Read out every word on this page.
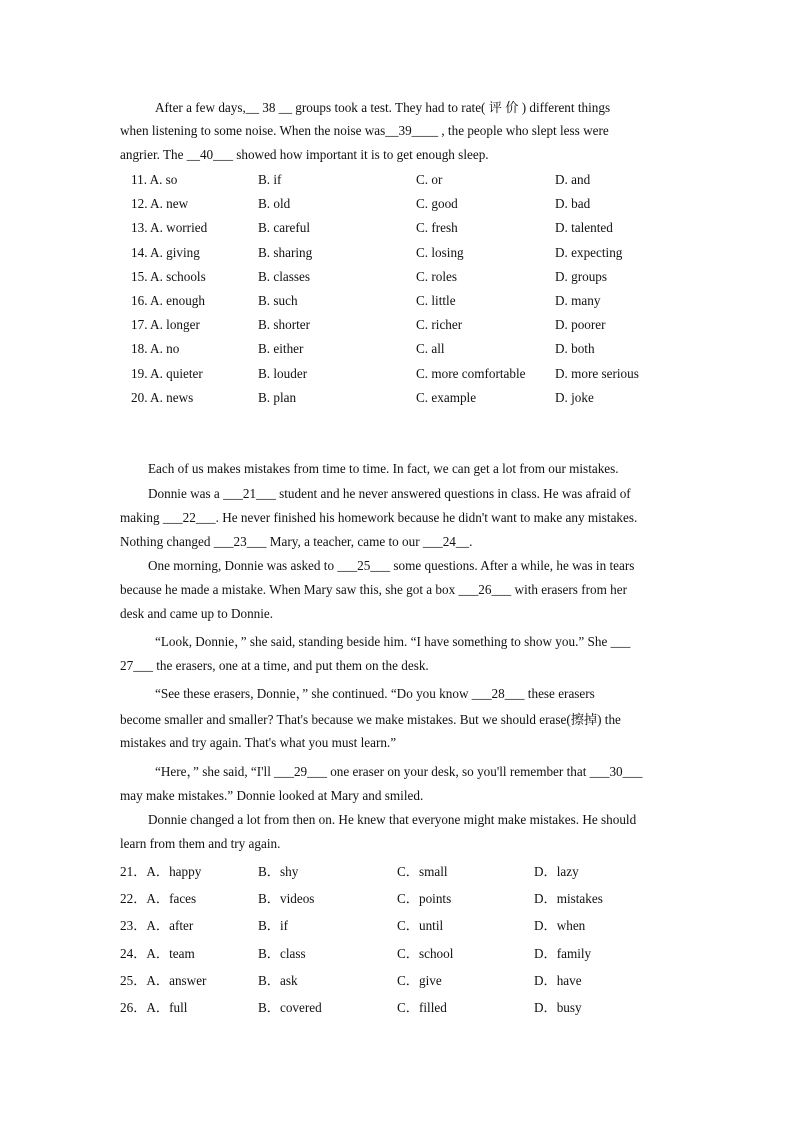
After a few days,__ 38 __ groups took a test. They had to rate( 评 价 ) different things
when listening to some noise. When the noise was__39____ , the people who slept less were
angrier. The __40___ showed how important it is to get enough sleep.
11. A. so	B. if	C. or	D. and
12. A. new	B. old	C. good	D. bad
13. A. worried	B. careful	C. fresh	D. talented
14. A. giving	B. sharing	C. losing	D. expecting
15. A. schools	B. classes	C. roles	D. groups
16. A. enough	B. such	C. little	D. many
17. A. longer	B. shorter	C. richer	D. poorer
18. A. no	B. either	C. all	D. both
19. A. quieter	B. louder	C. more comfortable D. more serious
20. A. news	B. plan	C. example	D. joke
Each of us makes mistakes from time to time. In fact, we can get a lot from our mistakes.
Donnie was a ___21___ student and he never answered questions in class. He was afraid of
making ___22___. He never finished his homework because he didn't want to make any mistakes.
Nothing changed ___23___ Mary, a teacher, came to our ___24__.
One morning, Donnie was asked to ___25___ some questions. After a while, he was in tears
because he made a mistake. When Mary saw this, she got a box ___26___ with erasers from her
desk and came up to Donnie.
“Look, Donnie，” she said, standing beside him. “I have something to show you.” She ___
27___ the erasers, one at a time, and put them on the desk.
“See these erasers, Donnie，” she continued. “Do you know ___28___ these erasers
become smaller and smaller? That's because we make mistakes. But we should erase(擦掉) the
mistakes and try again. That's what you must learn.”
“Here，” she said, “I'll ___29___ one eraser on your desk, so you'll remember that ___30___
may make mistakes.” Donnie looked at Mary and smiled.
Donnie changed a lot from then on. He knew that everyone might make mistakes. He should
learn from them and try again.
21．A．happy	B．shy	C．small	D．lazy
22．A．faces	B．videos	C．points	D．mistakes
23．A．after	B．if	C．until	D．when
24．A．team	B．class	C．school	D．family
25．A．answer	B．ask	C．give	D．have
26．A．full	B．covered	C．filled	D．busy
